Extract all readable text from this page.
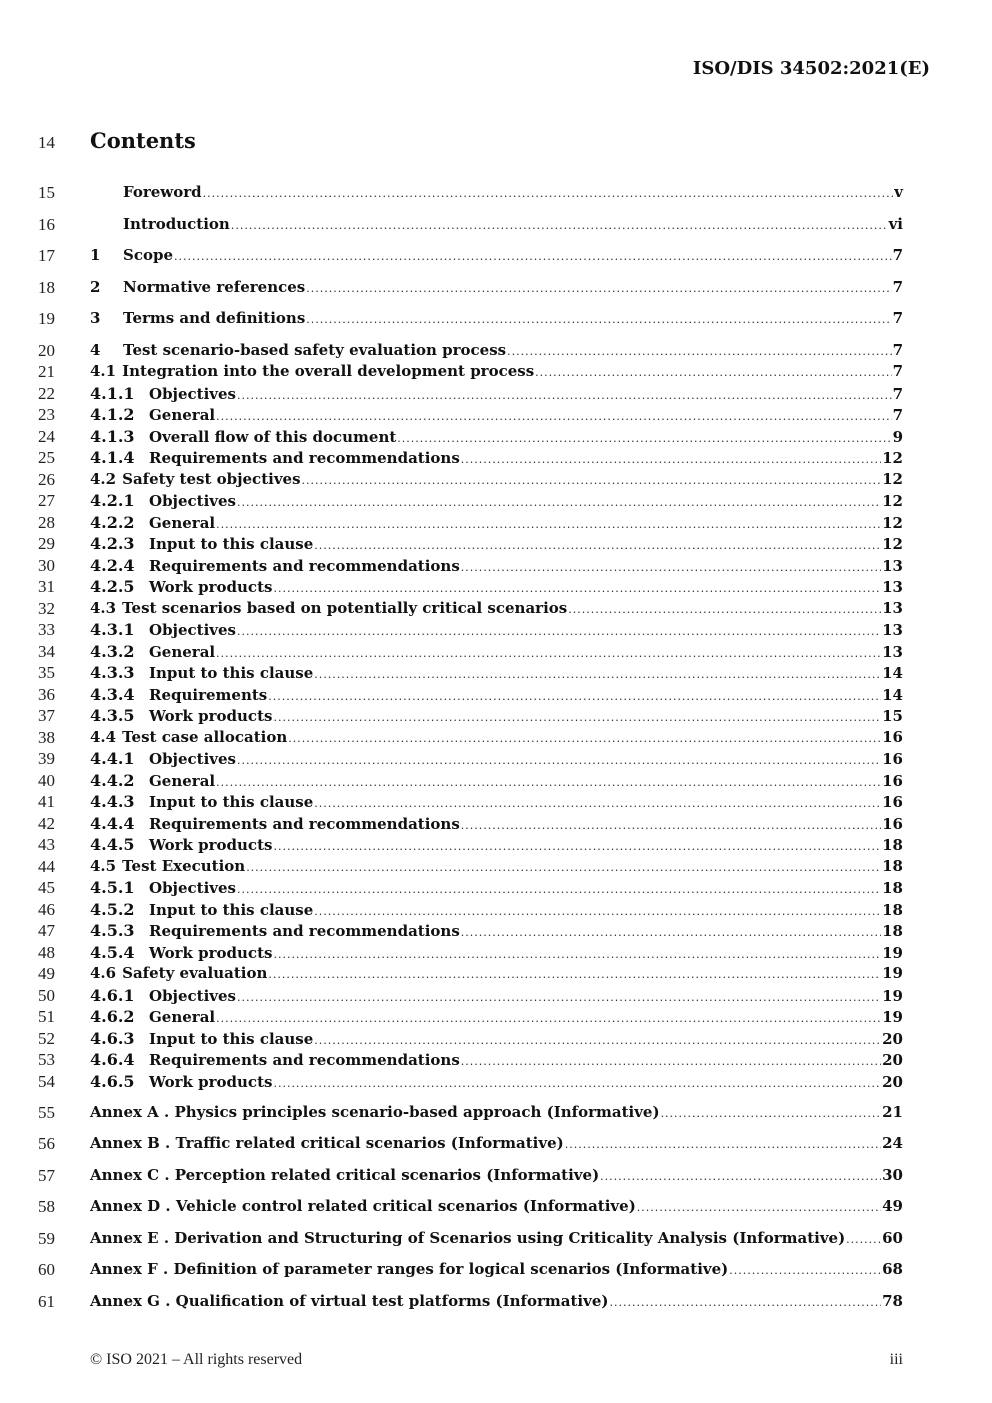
ISO/DIS 34502:2021(E)
14	Contents
15	Foreword .....	v
16	Introduction .....	vi
17	1	Scope .....	7
18	2	Normative references .....	7
19	3	Terms and definitions .....	7
20	4	Test scenario-based safety evaluation process .....	7
21	4.1 Integration into the overall development process .....	7
22	4.1.1 Objectives .....	7
23	4.1.2 General .....	7
24	4.1.3 Overall flow of this document .....	9
25	4.1.4 Requirements and recommendations .....	12
26	4.2 Safety test objectives .....	12
27	4.2.1 Objectives .....	12
28	4.2.2 General .....	12
29	4.2.3 Input to this clause .....	12
30	4.2.4 Requirements and recommendations .....	13
31	4.2.5 Work products .....	13
32	4.3 Test scenarios based on potentially critical scenarios .....	13
33	4.3.1 Objectives .....	13
34	4.3.2 General .....	13
35	4.3.3 Input to this clause .....	14
36	4.3.4 Requirements .....	14
37	4.3.5 Work products .....	15
38	4.4 Test case allocation .....	16
39	4.4.1 Objectives .....	16
40	4.4.2 General .....	16
41	4.4.3 Input to this clause .....	16
42	4.4.4 Requirements and recommendations .....	16
43	4.4.5 Work products .....	18
44	4.5 Test Execution .....	18
45	4.5.1 Objectives .....	18
46	4.5.2 Input to this clause .....	18
47	4.5.3 Requirements and recommendations .....	18
48	4.5.4 Work products .....	19
49	4.6 Safety evaluation .....	19
50	4.6.1 Objectives .....	19
51	4.6.2 General .....	19
52	4.6.3 Input to this clause .....	20
53	4.6.4 Requirements and recommendations .....	20
54	4.6.5 Work products .....	20
55	Annex A . Physics principles scenario-based approach (Informative) .....	21
56	Annex B . Traffic related critical scenarios (Informative) .....	24
57	Annex C . Perception related critical scenarios (Informative) .....	30
58	Annex D . Vehicle control related critical scenarios (Informative) .....	49
59	Annex E . Derivation and Structuring of Scenarios using Criticality Analysis (Informative) ..... 60
60	Annex F . Definition of parameter ranges for logical scenarios (Informative) .....	68
61	Annex G . Qualification of virtual test platforms (Informative) .....	78
© ISO 2021 – All rights reserved	iii
